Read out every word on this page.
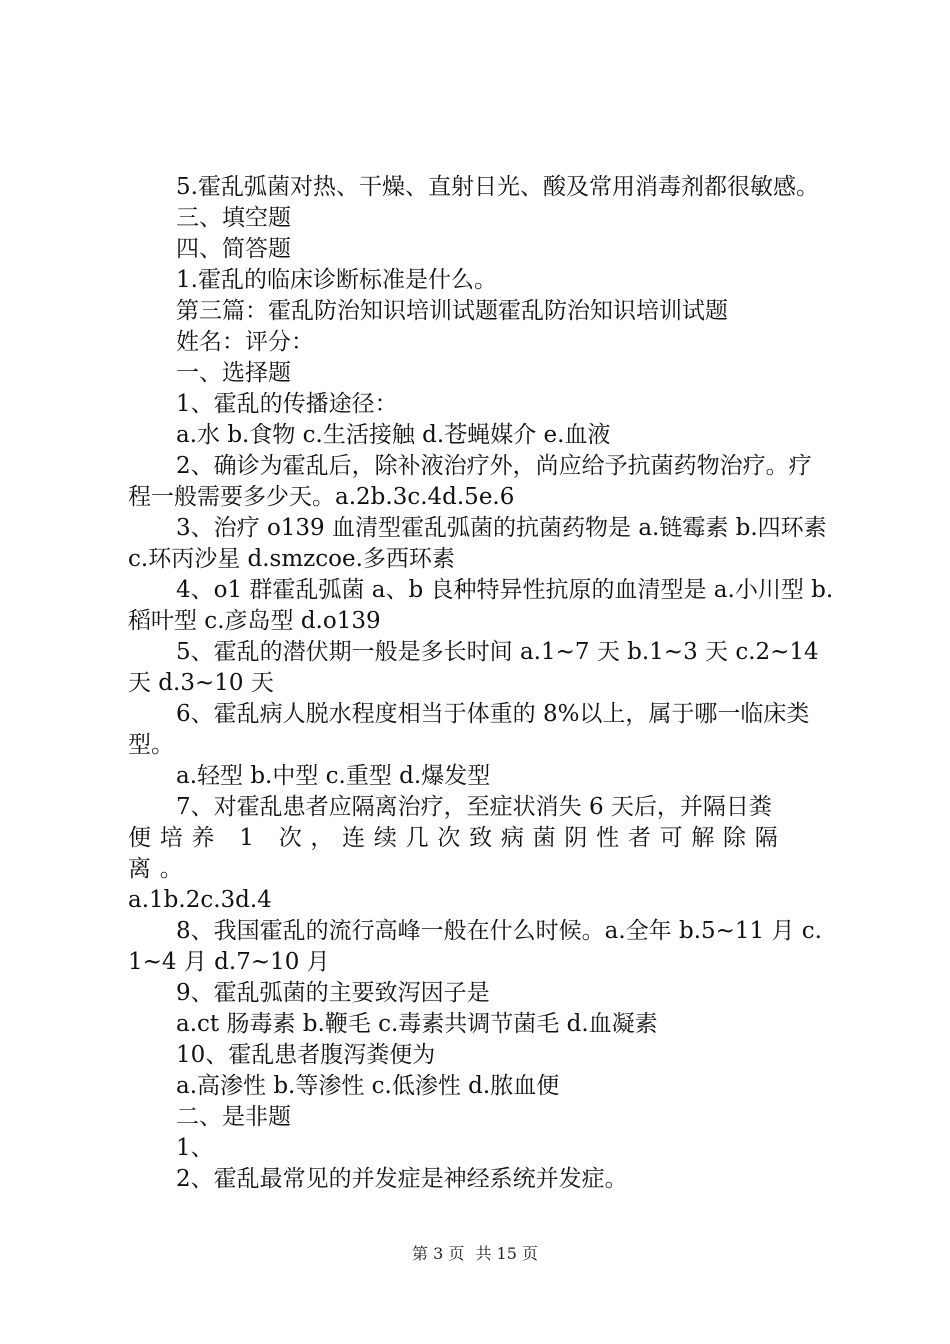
5.霍乱弧菌对热、干燥、直射日光、酸及常用消毒剂都很敏感。

三、填空题

四、简答题

1.霍乱的临床诊断标准是什么。

第三篇：霍乱防治知识培训试题霍乱防治知识培训试题

姓名：评分：

一、选择题

1、霍乱的传播途径：

a.水 b.食物 c.生活接触 d.苍蝇媒介 e.血液

2、确诊为霍乱后，除补液治疗外，尚应给予抗菌药物治疗。疗程一般需要多少天。a.2b.3c.4d.5e.6

3、治疗 o139 血清型霍乱弧菌的抗菌药物是 a.链霉素 b.四环素 c.环丙沙星 d.smzcoe.多西环素

4、o1 群霍乱弧菌 a、b 良种特异性抗原的血清型是 a.小川型 b.稻叶型 c.彦岛型 d.o139

5、霍乱的潜伏期一般是多长时间 a.1~7 天 b.1~3 天 c.2~14 天 d.3~10 天

6、霍乱病人脱水程度相当于体重的 8%以上，属于哪一临床类型。

a.轻型 b.中型 c.重型 d.爆发型

7、对霍乱患者应隔离治疗，至症状消失 6 天后，并隔日粪
便培养 1 次，连续几次致病菌阴性者可解除隔离。
a.1b.2c.3d.4

8、我国霍乱的流行高峰一般在什么时候。a.全年 b.5~11 月 c.1~4 月 d.7~10 月

9、霍乱弧菌的主要致泻因子是

a.ct 肠毒素 b.鞭毛 c.毒素共调节菌毛 d.血凝素

10、霍乱患者腹泻粪便为

a.高渗性 b.等渗性 c.低渗性 d.脓血便

二、是非题

1、

2、霍乱最常见的并发症是神经系统并发症。

第 3 页 共 15 页
